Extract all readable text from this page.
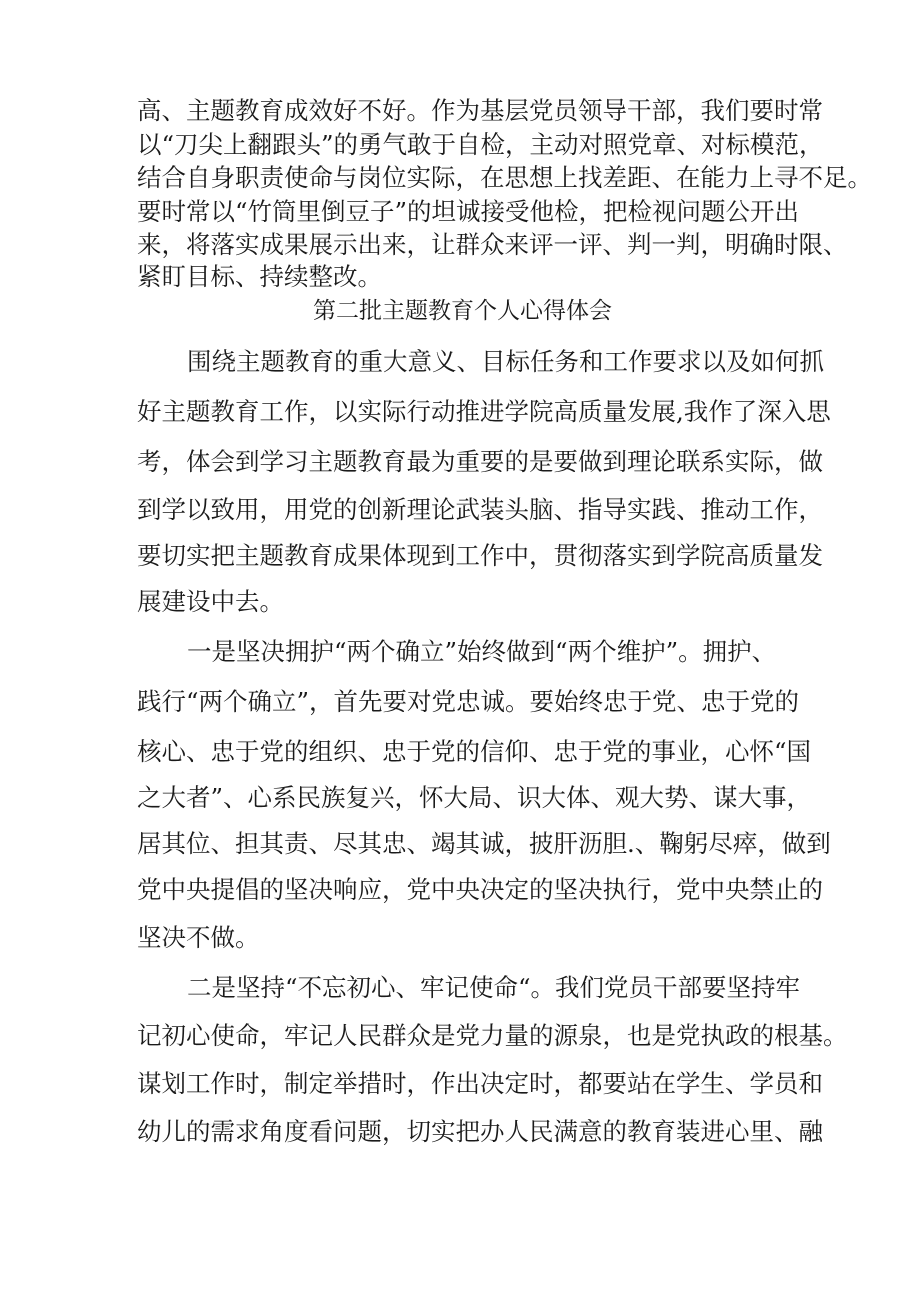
高、主题教育成效好不好。作为基层党员领导干部，我们要时常
以“刀尖上翻跟头”的勇气敢于自检，主动对照党章、对标模范，
结合自身职责使命与岗位实际，在思想上找差距、在能力上寻不足。
要时常以“竹筒里倒豆子”的坦诚接受他检，把检视问题公开出
来，将落实成果展示出来，让群众来评一评、判一判，明确时限、
紧盯目标、持续整改。
第二批主题教育个人心得体会
围绕主题教育的重大意义、目标任务和工作要求以及如何抓
好主题教育工作，以实际行动推进学院高质量发展,我作了深入思
考，体会到学习主题教育最为重要的是要做到理论联系实际，做
到学以致用，用党的创新理论武装头脑、指导实践、推动工作，
要切实把主题教育成果体现到工作中，贯彻落实到学院高质量发
展建设中去。
一是坚决拥护“两个确立”始终做到“两个维护”。拥护、
践行“两个确立”，首先要对党忠诚。要始终忠于党、忠于党的
核心、忠于党的组织、忠于党的信仰、忠于党的事业，心怀“国
之大者”、心系民族复兴，怀大局、识大体、观大势、谋大事，
居其位、担其责、尽其忠、竭其诚，披肝沥胆.、鞠躬尽瘁，做到
党中央提倡的坚决响应，党中央决定的坚决执行，党中央禁止的
坚决不做。
二是坚持“不忘初心、牢记使命“。我们党员干部要坚持牢
记初心使命，牢记人民群众是党力量的源泉，也是党执政的根基。
谋划工作时，制定举措时，作出决定时，都要站在学生、学员和
幼儿的需求角度看问题，切实把办人民满意的教育装进心里、融
